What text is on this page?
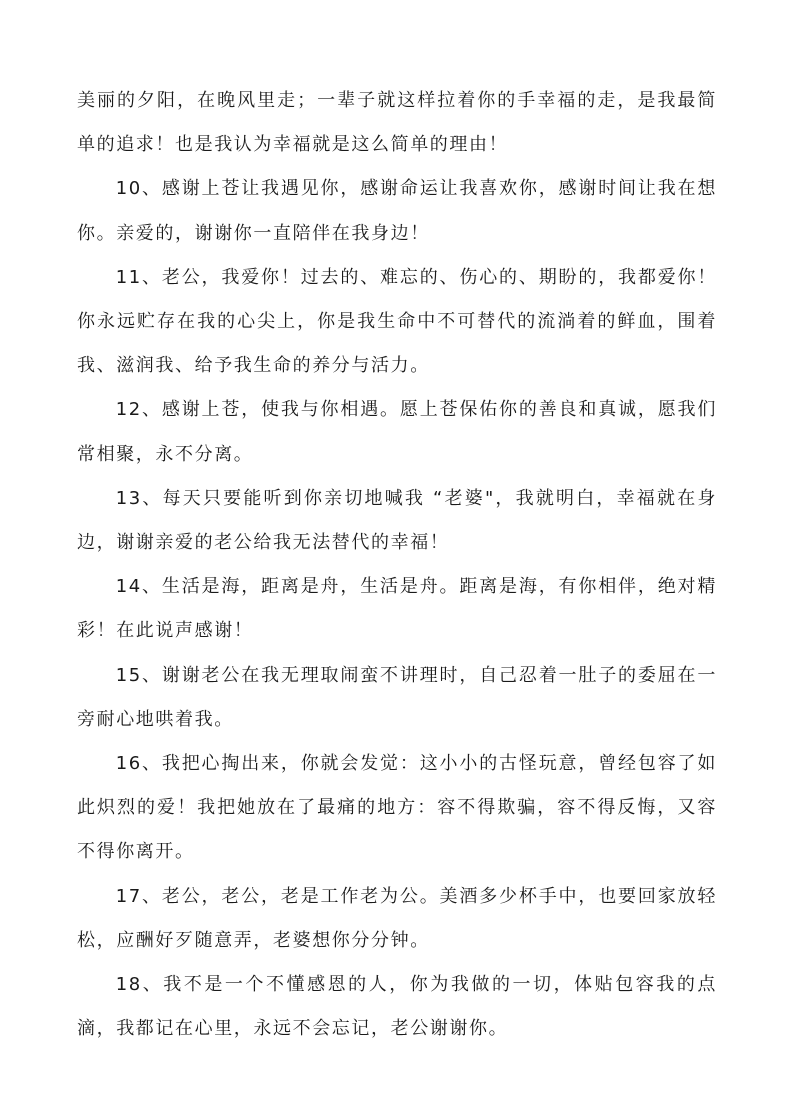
美丽的夕阳，在晚风里走；一辈子就这样拉着你的手幸福的走，是我最简单的追求！也是我认为幸福就是这么简单的理由！

10、感谢上苍让我遇见你，感谢命运让我喜欢你，感谢时间让我在想你。亲爱的，谢谢你一直陪伴在我身边！

11、老公，我爱你！过去的、难忘的、伤心的、期盼的，我都爱你！你永远贮存在我的心尖上，你是我生命中不可替代的流淌着的鲜血，围着我、滋润我、给予我生命的养分与活力。

12、感谢上苍，使我与你相遇。愿上苍保佑你的善良和真诚，愿我们常相聚，永不分离。

13、每天只要能听到你亲切地喊我 “老婆"，我就明白，幸福就在身边，谢谢亲爱的老公给我无法替代的幸福！

14、生活是海，距离是舟，生活是舟。距离是海，有你相伴，绝对精彩！在此说声感谢！

15、谢谢老公在我无理取闹蛮不讲理时，自己忍着一肚子的委屈在一旁耐心地哄着我。

16、我把心掏出来，你就会发觉：这小小的古怪玩意，曾经包容了如此炽烈的爱！我把她放在了最痛的地方：容不得欺骗，容不得反悔，又容不得你离开。

17、老公，老公，老是工作老为公。美酒多少杯手中，也要回家放轻松，应酬好歹随意弄，老婆想你分分钟。

18、我不是一个不懂感恩的人，你为我做的一切，体贴包容我的点滴，我都记在心里，永远不会忘记，老公谢谢你。
